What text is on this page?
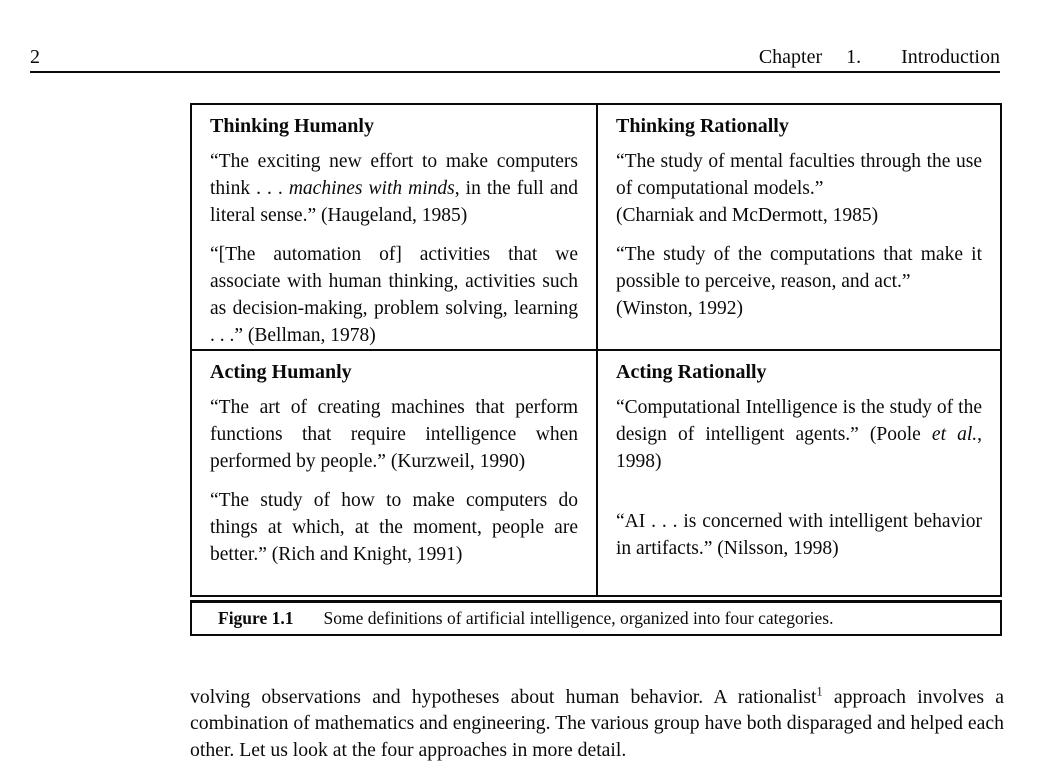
2	Chapter 1. Introduction
Thinking Humanly

“The exciting new effort to make computers think . . . machines with minds, in the full and literal sense.” (Haugeland, 1985)

“[The automation of] activities that we associate with human thinking, activities such as decision-making, problem solving, learning . . .” (Bellman, 1978)

Thinking Rationally

“The study of mental faculties through the use of computational models.”
(Charniak and McDermott, 1985)

“The study of the computations that make it possible to perceive, reason, and act.”
(Winston, 1992)

Acting Humanly

“The art of creating machines that perform functions that require intelligence when performed by people.” (Kurzweil, 1990)

“The study of how to make computers do things at which, at the moment, people are better.” (Rich and Knight, 1991)

Acting Rationally

“Computational Intelligence is the study of the design of intelligent agents.” (Poole et al., 1998)

“AI . . . is concerned with intelligent behavior in artifacts.” (Nilsson, 1998)

Figure 1.1 Some definitions of artificial intelligence, organized into four categories.

volving observations and hypotheses about human behavior. A rationalist$^1$ approach involves a combination of mathematics and engineering. The various group have both disparaged and helped each other. Let us look at the four approaches in more detail.
